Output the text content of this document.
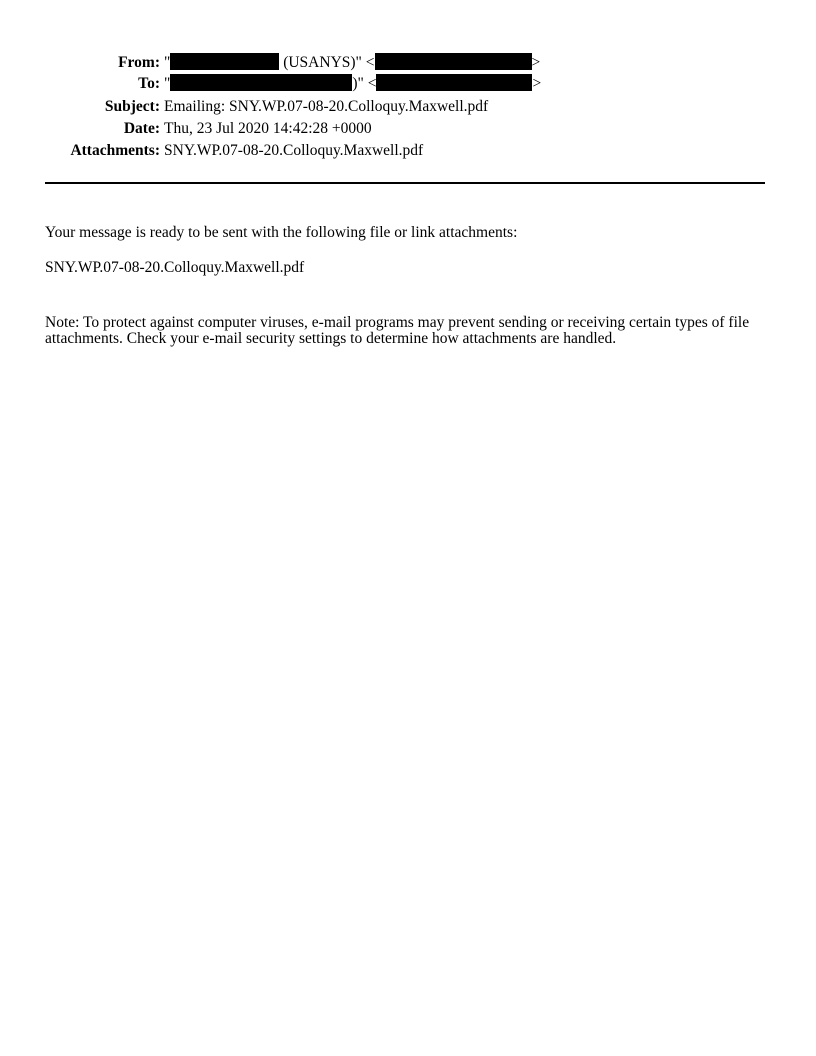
From: "	(USANYS)" <	>
To: "	)" <	>
Subject: Emailing: SNY.WP.07-08-20.Colloquy.Maxwell.pdf
Date: Thu, 23 Jul 2020 14:42:28 +0000
Attachments: SNY.WP.07-08-20.Colloquy.Maxwell.pdf
Your message is ready to be sent with the following file or link attachments:
SNY.WP.07-08-20.Colloquy.Maxwell.pdf
Note: To protect against computer viruses, e-mail programs may prevent sending or receiving certain types of file attachments. Check your e-mail security settings to determine how attachments are handled.
